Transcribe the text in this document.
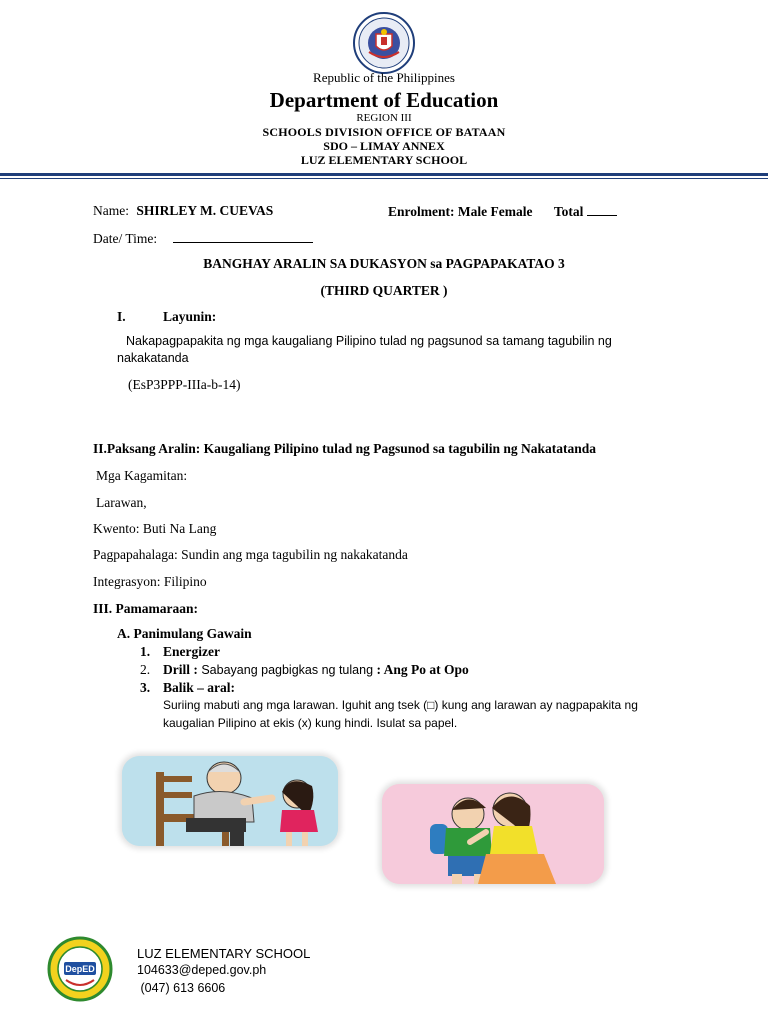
Republic of the Philippines
Department of Education
REGION III
SCHOOLS DIVISION OFFICE OF BATAAN
SDO – LIMAY ANNEX
LUZ ELEMENTARY SCHOOL
Name: SHIRLEY M. CUEVAS	Enrolment: Male Female Total
Date/ Time:
BANGHAY ARALIN SA DUKASYON sa PAGPAPAKATAO 3
(THIRD QUARTER )
I.	Layunin:
Nakapagpapakita ng mga kaugaliang Pilipino tulad ng pagsunod sa tamang tagubilin ng
nakakatanda
(EsP3PPP-IIIa-b-14)
II.Paksang Aralin: Kaugaliang Pilipino tulad ng Pagsunod sa tagubilin ng Nakatatanda
Mga Kagamitan:
Larawan,
Kwento: Buti Na Lang
Pagpapahalaga: Sundin ang mga tagubilin ng nakakatanda
Integrasyon: Filipino
III. Pamamaraan:
A. Panimulang Gawain
1. Energizer
2. Drill : Sabayang pagbigkas ng tulang : Ang Po at Opo
3. Balik – aral:
Suriing mabuti ang mga larawan. Iguhit ang tsek (□) kung ang larawan ay nagpapakita ng
kaugalian Pilipino at ekis (x) kung hindi. Isulat sa papel.
DepED
LUZ ELEMENTARY SCHOOL
104633@deped.gov.ph
(047) 613 6606
